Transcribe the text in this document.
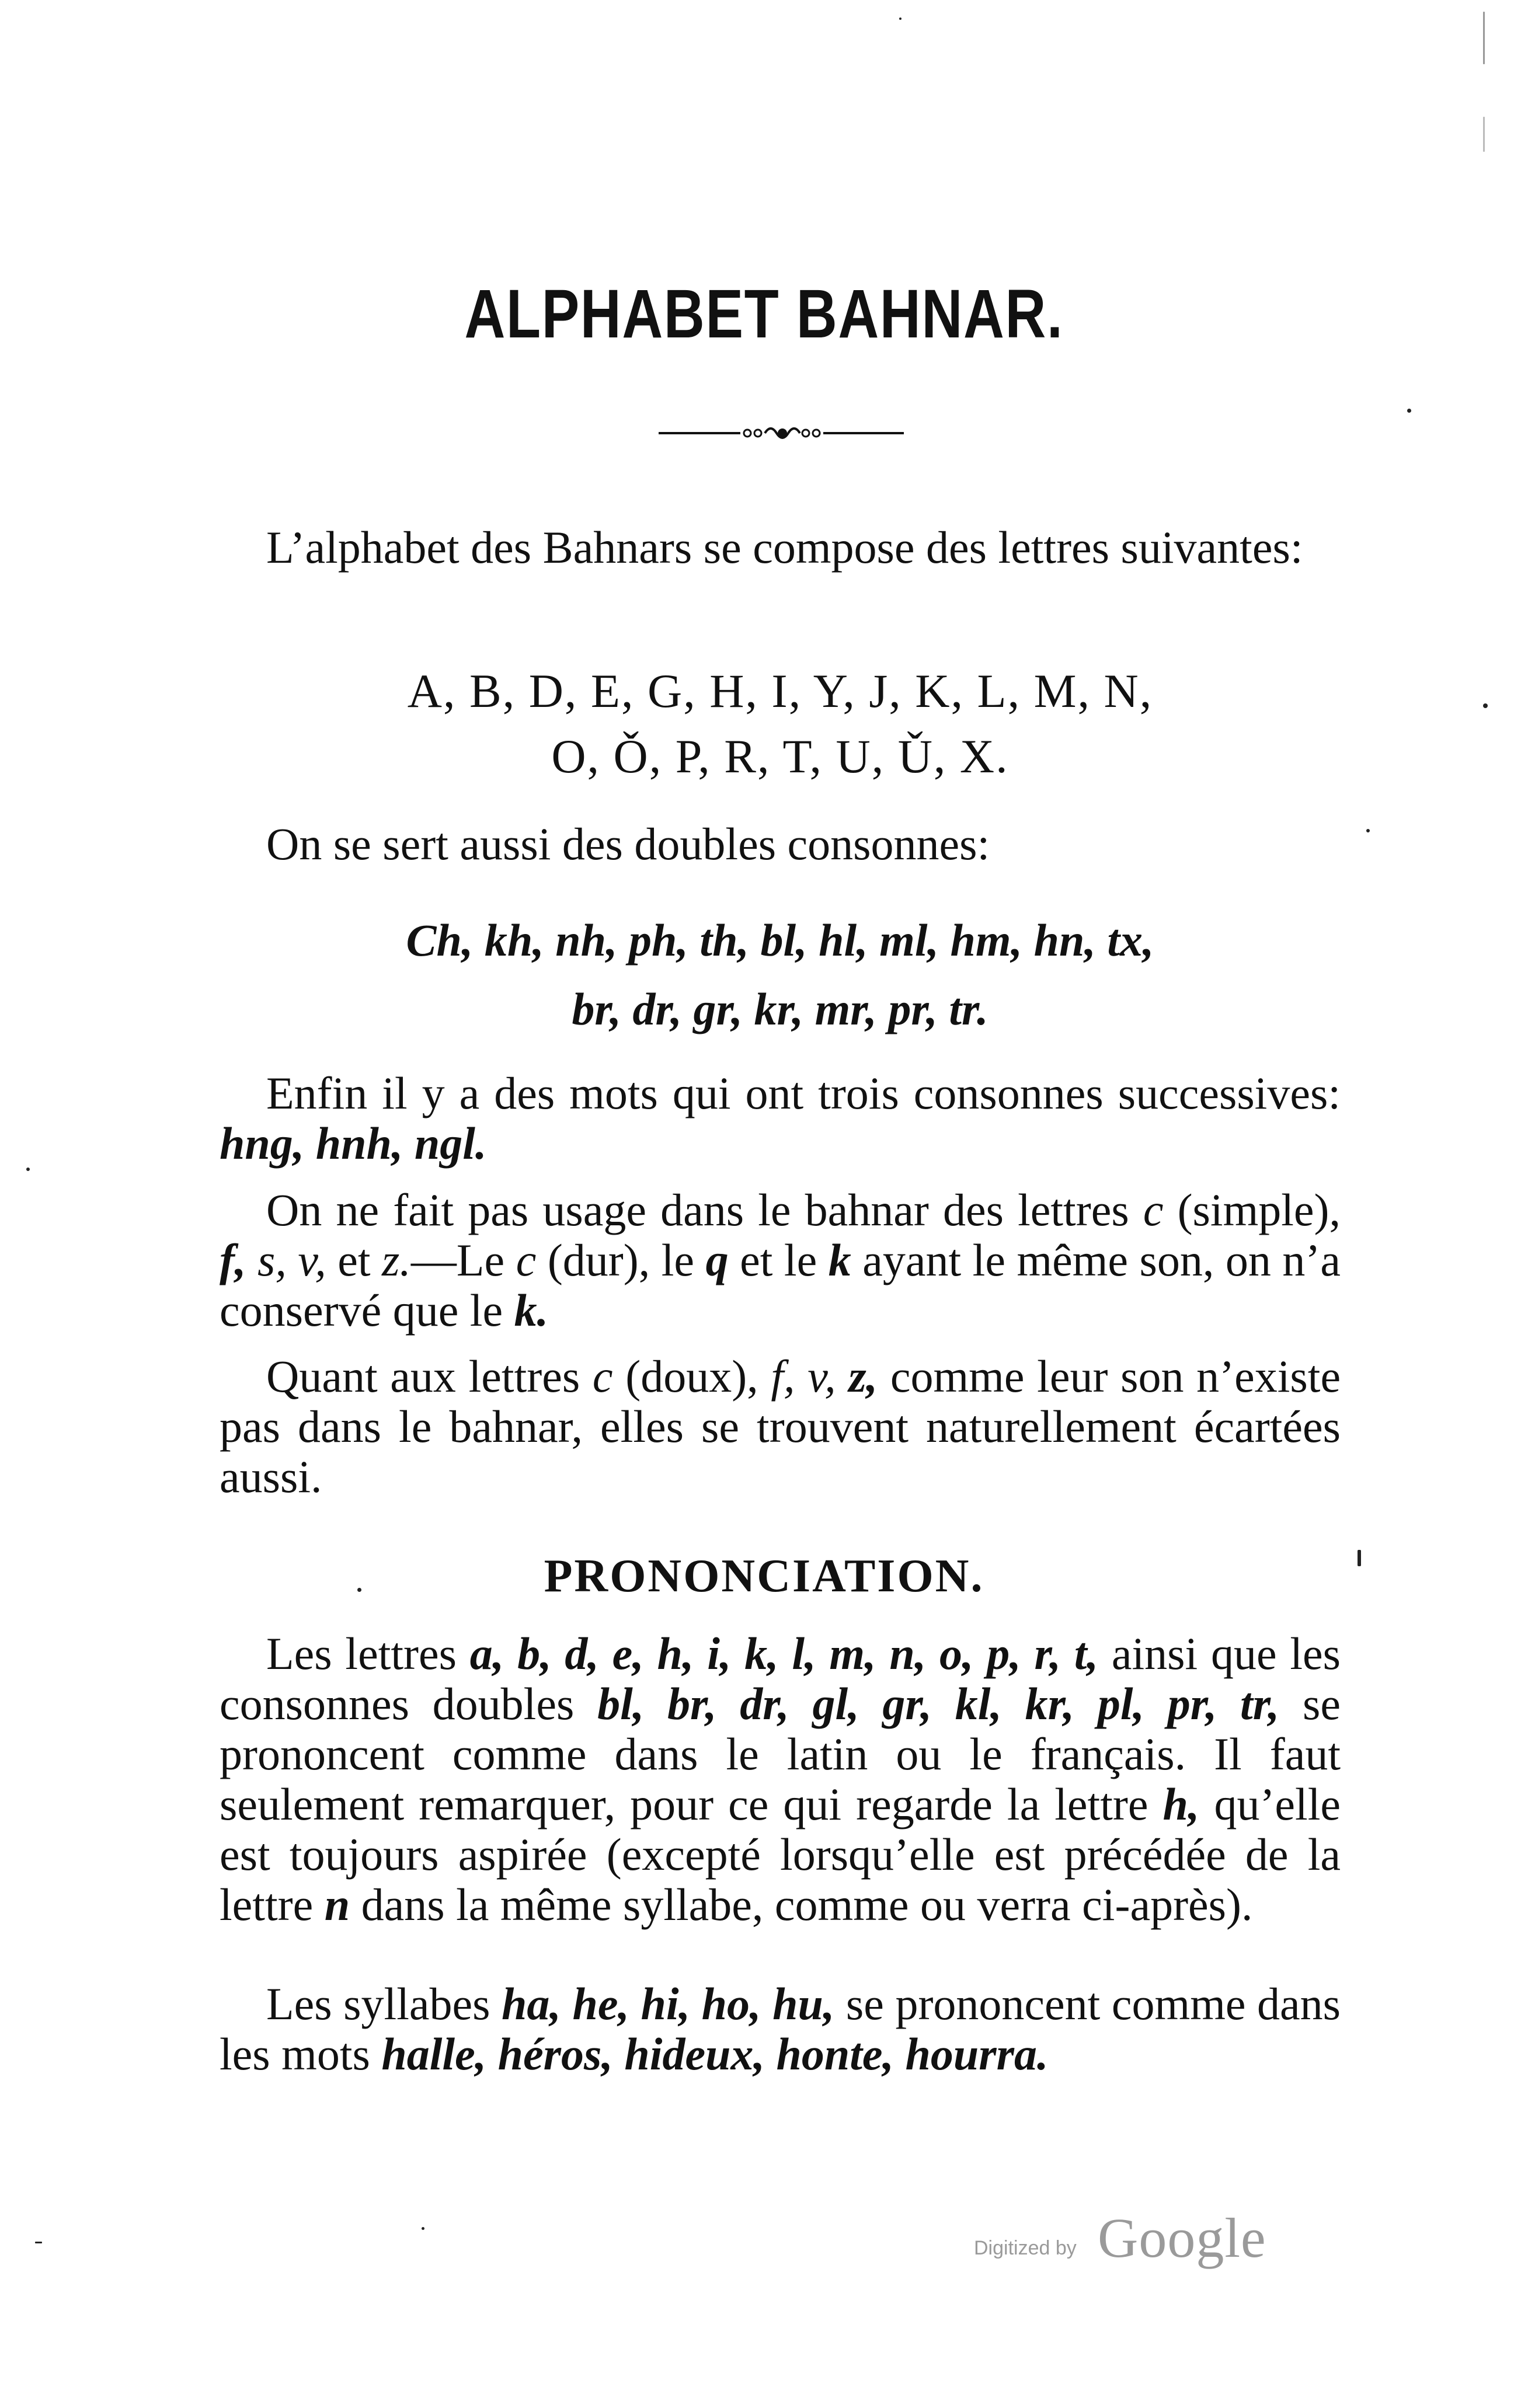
ALPHABET BAHNAR.

L’alphabet des Bahnars se compose des lettres suivantes:

A, B, D, E, G, H, I, Y, J, K, L, M, N,

O, Ǒ, P, R, T, U, Ǔ, X.

On se sert aussi des doubles consonnes:

Ch, kh, nh, ph, th, bl, hl, ml, hm, hn, tx,

br, dr, gr, kr, mr, pr, tr.

Enfin il y a des mots qui ont trois consonnes successives: hng, hnh, ngl.

On ne fait pas usage dans le bahnar des lettres c (simple), f, s, v, et z.—Le c (dur), le q et le k ayant le même son, on n’a conservé que le k.

Quant aux lettres c (doux), f, v, z, comme leur son n’existe pas dans le bahnar, elles se trouvent naturellement écartées aussi.

PRONONCIATION.

Les lettres a, b, d, e, h, i, k, l, m, n, o, p, r, t, ainsi que les consonnes doubles bl, br, dr, gl, gr, kl, kr, pl, pr, tr, se prononcent comme dans le latin ou le français. Il faut seulement remarquer, pour ce qui regarde la lettre h, qu’elle est toujours aspirée (excepté lorsqu’elle est précédée de la lettre n dans la même syllabe, comme ou verra ci-après).

Les syllabes ha, he, hi, ho, hu, se prononcent comme dans les mots halle, héros, hideux, honte, hourra.

Digitized by Google
